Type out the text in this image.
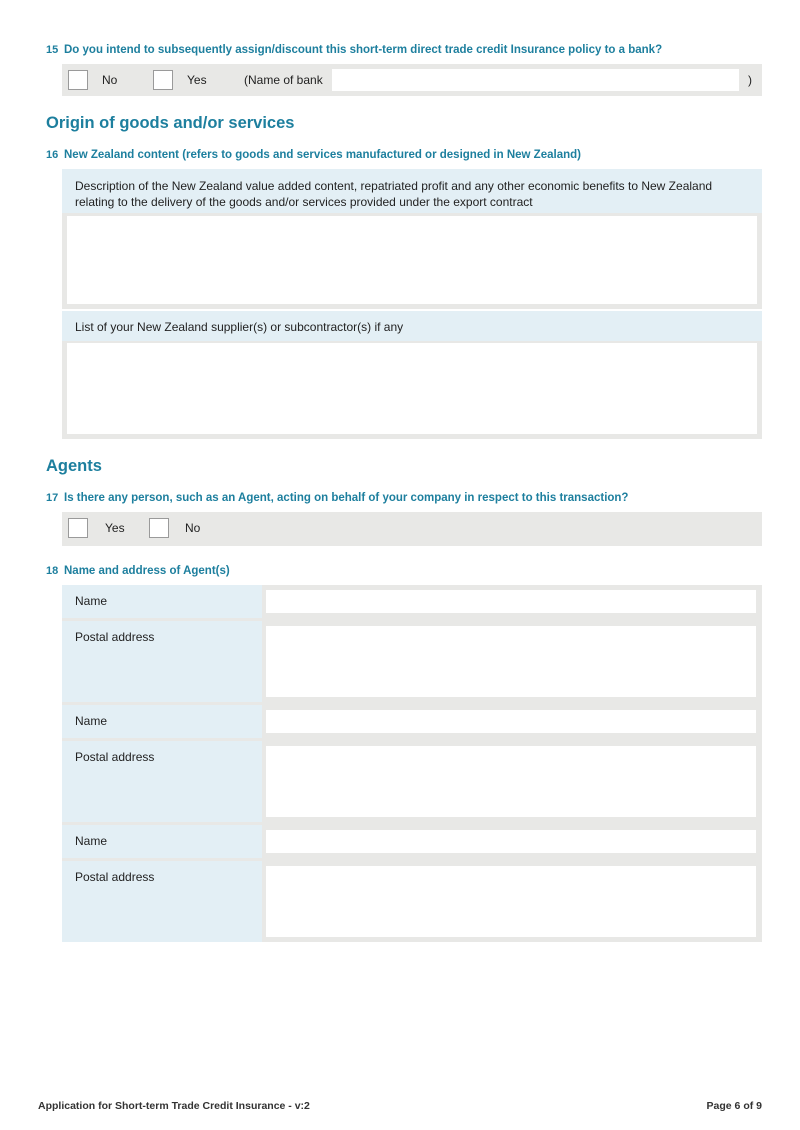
15 Do you intend to subsequently assign/discount this short-term direct trade credit Insurance policy to a bank?
No	Yes	(Name of bank	)
Origin of goods and/or services
16 New Zealand content (refers to goods and services manufactured or designed in New Zealand)
Description of the New Zealand value added content, repatriated profit and any other economic benefits to New Zealand relating to the delivery of the goods and/or services provided under the export contract
List of your New Zealand supplier(s) or subcontractor(s) if any
Agents
17 Is there any person, such as an Agent, acting on behalf of your company in respect to this transaction?
Yes	No
18 Name and address of Agent(s)
Name
Postal address
Name
Postal address
Name
Postal address
Application for Short-term Trade Credit Insurance - v:2	Page 6 of 9
